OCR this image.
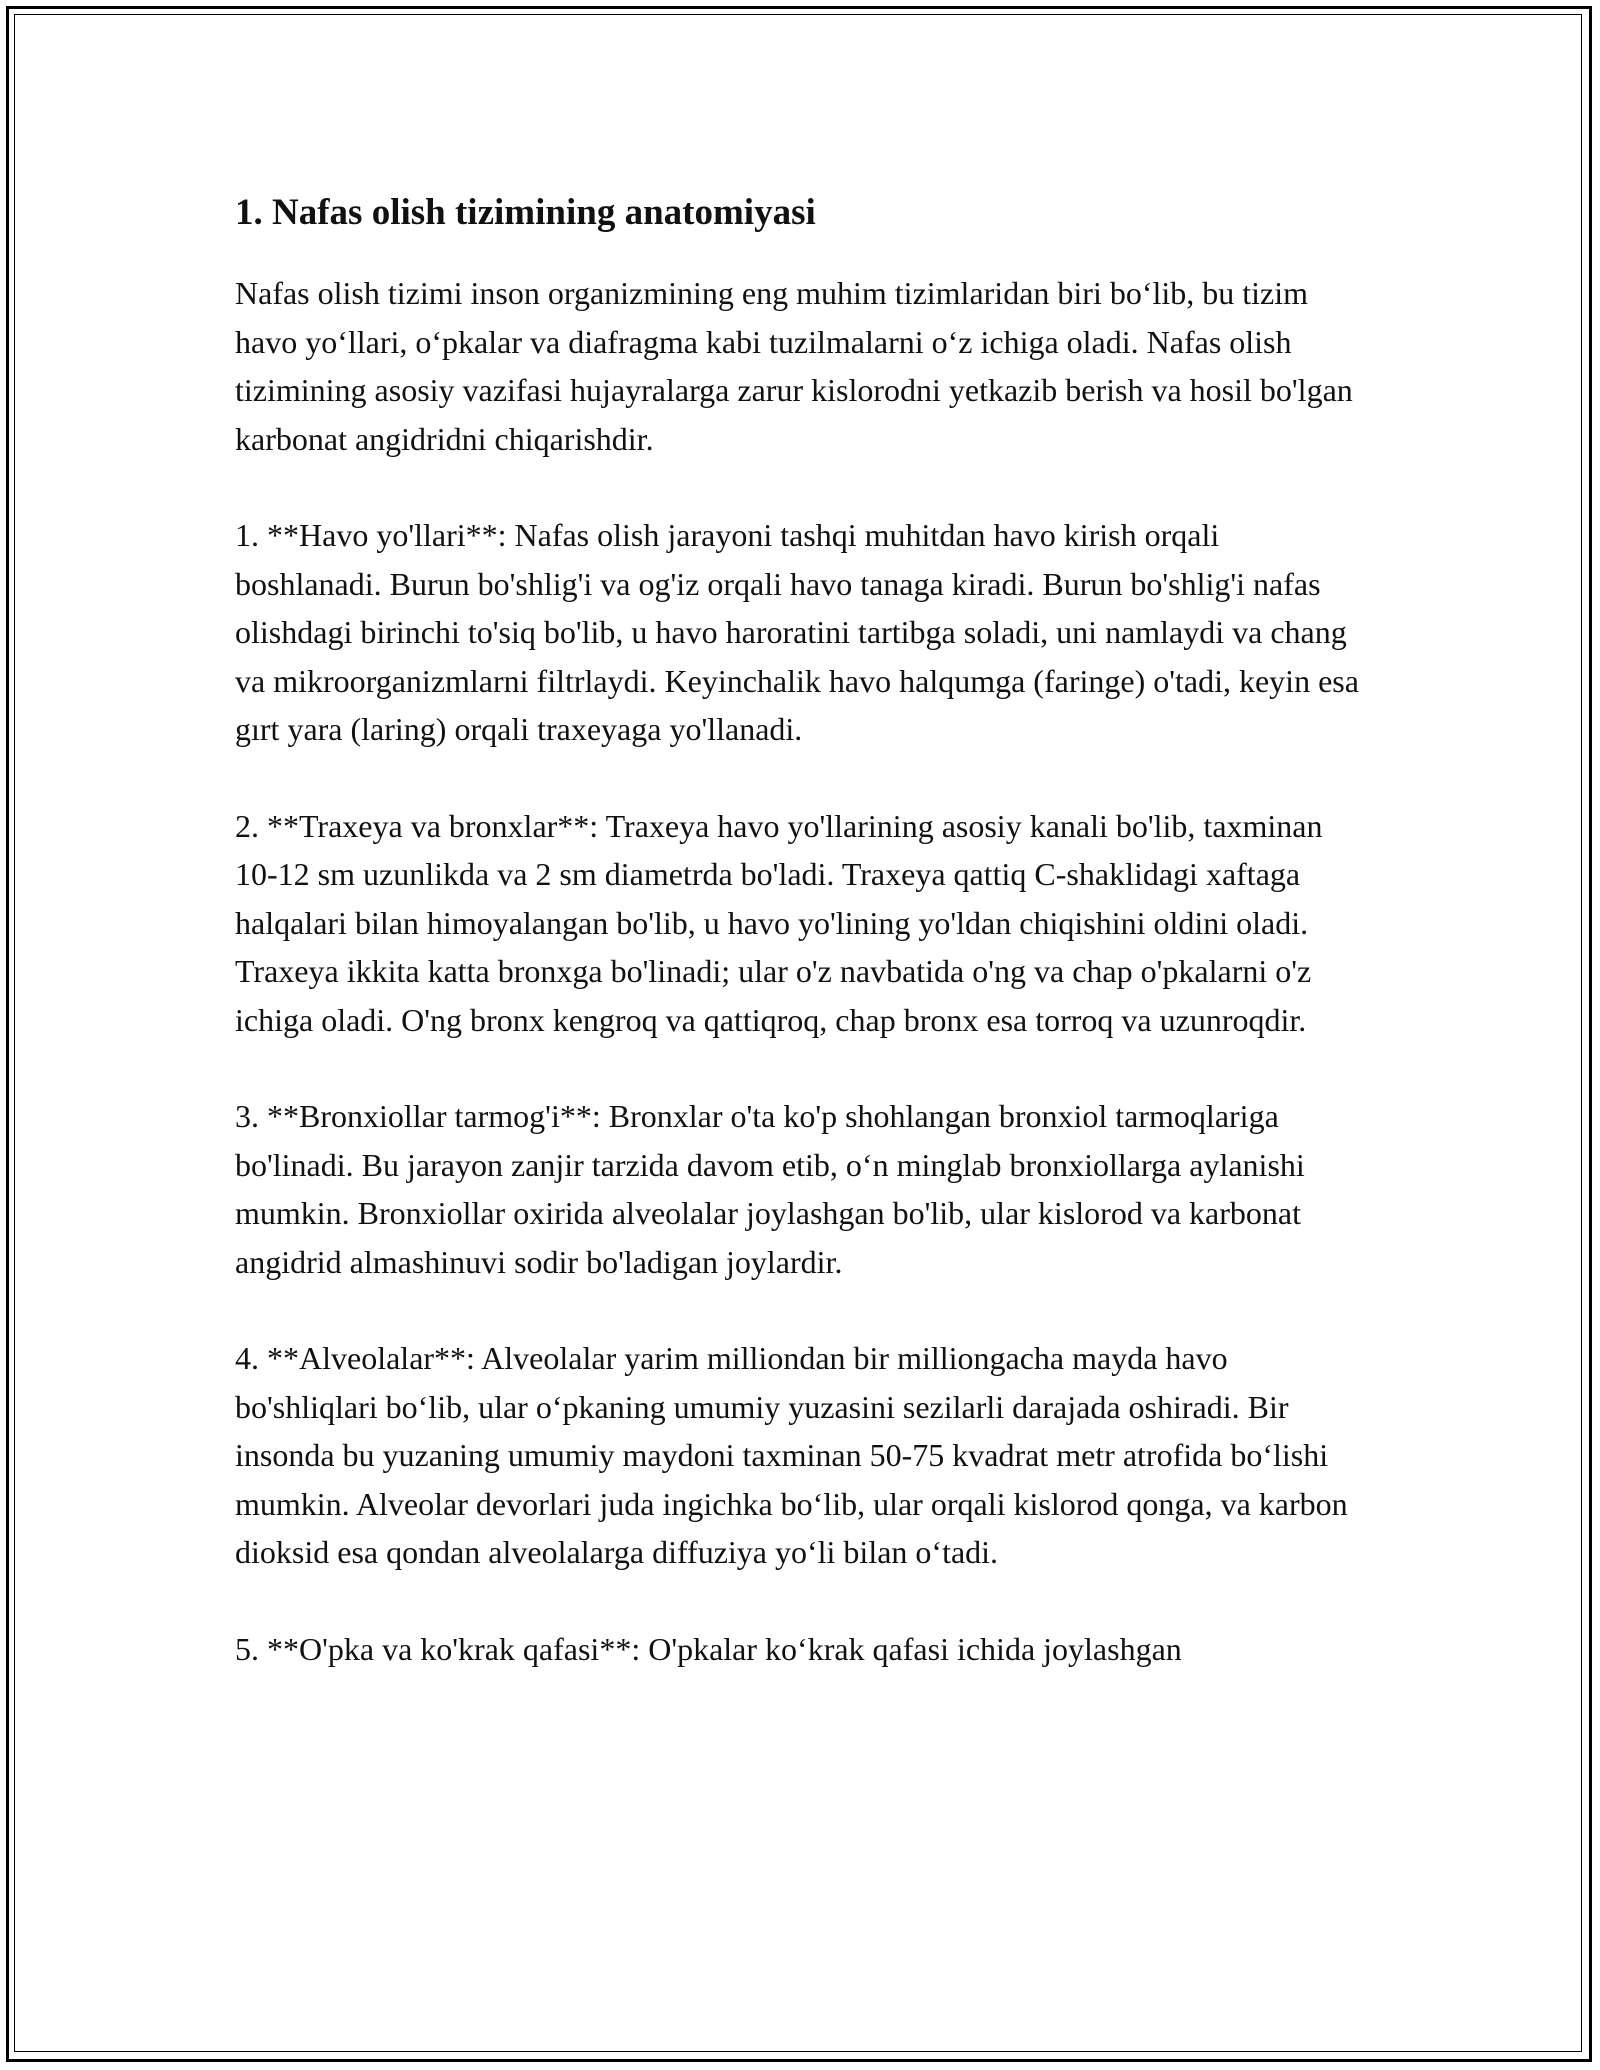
1. Nafas olish tizimining anatomiyasi

Nafas olish tizimi inson organizmining eng muhim tizimlaridan biri bo‘lib, bu tizim havo yo‘llari, o‘pkalar va diafragma kabi tuzilmalarni o‘z ichiga oladi. Nafas olish tizimining asosiy vazifasi hujayralarga zarur kislorodni yetkazib berish va hosil bo'lgan karbonat angidridni chiqarishdir.

1. **Havo yo'llari**: Nafas olish jarayoni tashqi muhitdan havo kirish orqali boshlanadi. Burun bo'shlig'i va og'iz orqali havo tanaga kiradi. Burun bo'shlig'i nafas olishdagi birinchi to'siq bo'lib, u havo haroratini tartibga soladi, uni namlaydi va chang va mikroorganizmlarni filtrlaydi. Keyinchalik havo halqumga (faringe) o'tadi, keyin esa gırt yara (laring) orqali traxeyaga yo'llanadi.

2. **Traxeya va bronxlar**: Traxeya havo yo'llarining asosiy kanali bo'lib, taxminan 10-12 sm uzunlikda va 2 sm diametrda bo'ladi. Traxeya qattiq C-shaklidagi xaftaga halqalari bilan himoyalangan bo'lib, u havo yo'lining yo'ldan chiqishini oldini oladi. Traxeya ikkita katta bronxga bo'linadi; ular o'z navbatida o'ng va chap o'pkalarni o'z ichiga oladi. O'ng bronx kengroq va qattiqroq, chap bronx esa torroq va uzunroqdir.

3. **Bronxiollar tarmog'i**: Bronxlar o'ta ko'p shohlangan bronxiol tarmoqlariga bo'linadi. Bu jarayon zanjir tarzida davom etib, o‘n minglab bronxiollarga aylanishi mumkin. Bronxiollar oxirida alveolalar joylashgan bo'lib, ular kislorod va karbonat angidrid almashinuvi sodir bo'ladigan joylardir.

4. **Alveolalar**: Alveolalar yarim milliondan bir milliongacha mayda havo bo'shliqlari bo‘lib, ular o‘pkaning umumiy yuzasini sezilarli darajada oshiradi. Bir insonda bu yuzaning umumiy maydoni taxminan 50-75 kvadrat metr atrofida bo‘lishi mumkin. Alveolar devorlari juda ingichka bo‘lib, ular orqali kislorod qonga, va karbon dioksid esa qondan alveolalarga diffuziya yo‘li bilan o‘tadi.

5. **O'pka va ko'krak qafasi**: O'pkalar ko‘krak qafasi ichida joylashgan
